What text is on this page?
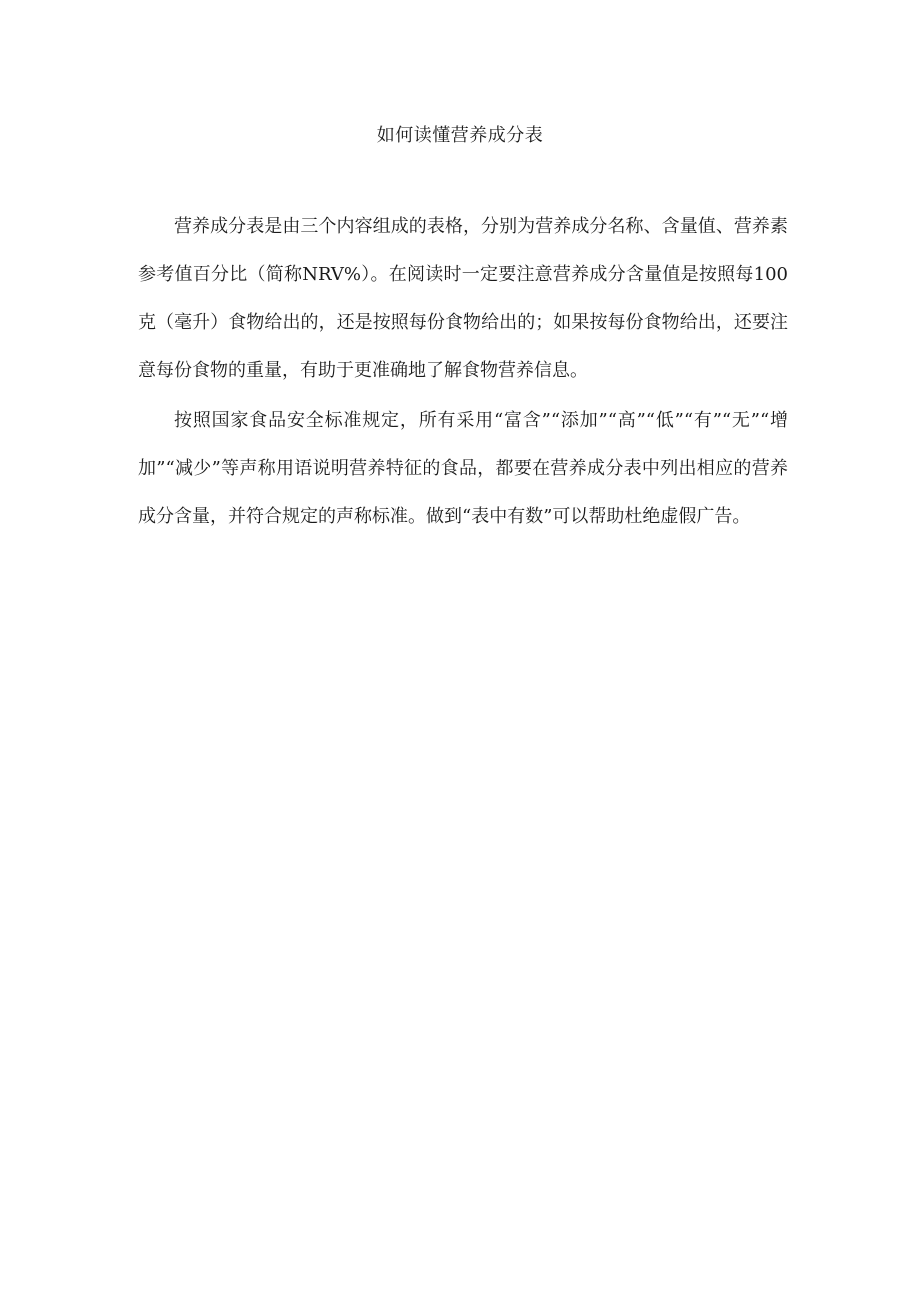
如何读懂营养成分表

营养成分表是由三个内容组成的表格，分别为营养成分名称、含量值、营养素参考值百分比（简称NRV%）。在阅读时一定要注意营养成分含量值是按照每100克（毫升）食物给出的，还是按照每份食物给出的；如果按每份食物给出，还要注意每份食物的重量，有助于更准确地了解食物营养信息。

按照国家食品安全标准规定，所有采用“富含”“添加”“高”“低”“有”“无”“增加”“减少”等声称用语说明营养特征的食品，都要在营养成分表中列出相应的营养成分含量，并符合规定的声称标准。做到“表中有数”可以帮助杜绝虚假广告。
